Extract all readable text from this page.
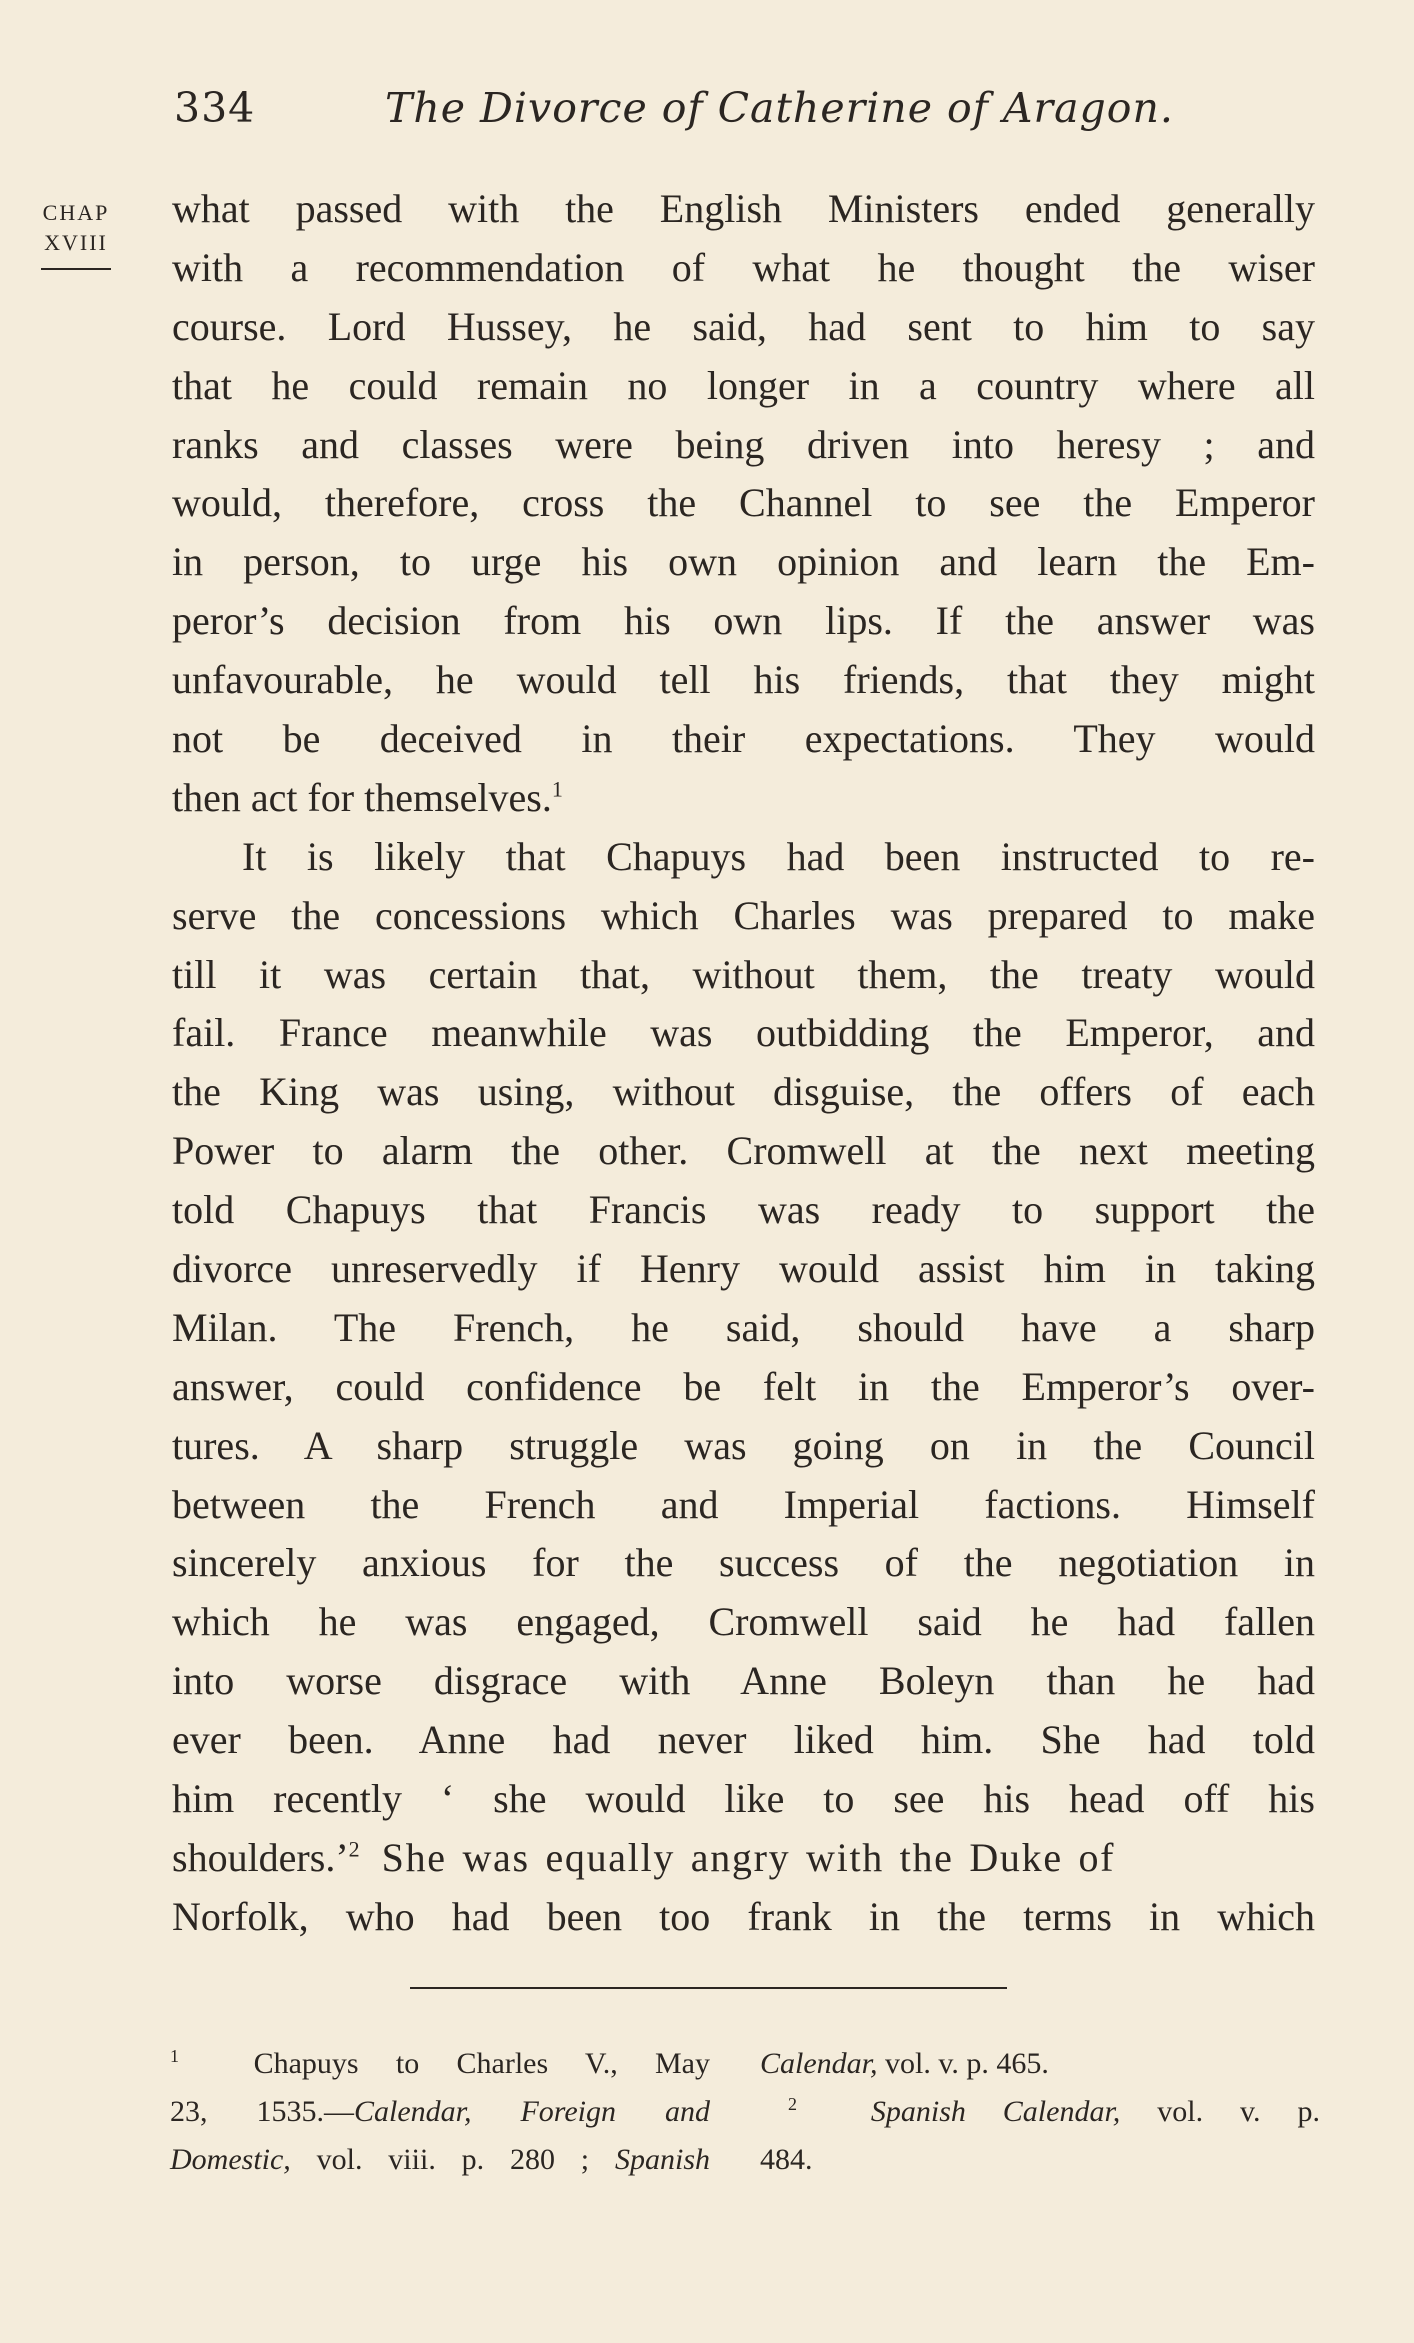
334	The Divorce of Catherine of Aragon.
CHAP
XVIII
what passed with the English Ministers ended generally
with a recommendation of what he thought the wiser
course. Lord Hussey, he said, had sent to him to say
that he could remain no longer in a country where all
ranks and classes were being driven into heresy ; and
would, therefore, cross the Channel to see the Emperor
in person, to urge his own opinion and learn the Em-
peror’s decision from his own lips. If the answer was
unfavourable, he would tell his friends, that they might
not be deceived in their expectations. They would
then act for themselves.$^1$
It is likely that Chapuys had been instructed to re-
serve the concessions which Charles was prepared to make
till it was certain that, without them, the treaty would
fail. France meanwhile was outbidding the Emperor, and
the King was using, without disguise, the offers of each
Power to alarm the other. Cromwell at the next meeting
told Chapuys that Francis was ready to support the
divorce unreservedly if Henry would assist him in taking
Milan. The French, he said, should have a sharp
answer, could confidence be felt in the Emperor’s over-
tures. A sharp struggle was going on in the Council
between the French and Imperial factions. Himself
sincerely anxious for the success of the negotiation in
which he was engaged, Cromwell said he had fallen
into worse disgrace with Anne Boleyn than he had
ever been. Anne had never liked him. She had told
him recently ‘ she would like to see his head off his
shoulders.’$^2$ She was equally angry with the Duke of
Norfolk, who had been too frank in the terms in which
$^1$ Chapuys to Charles V., May
23, 1535.—Calendar, Foreign and
Domestic, vol. viii. p. 280 ; Spanish
Calendar, vol. v. p. 465.
$^2$ Spanish Calendar, vol. v. p.
484.
